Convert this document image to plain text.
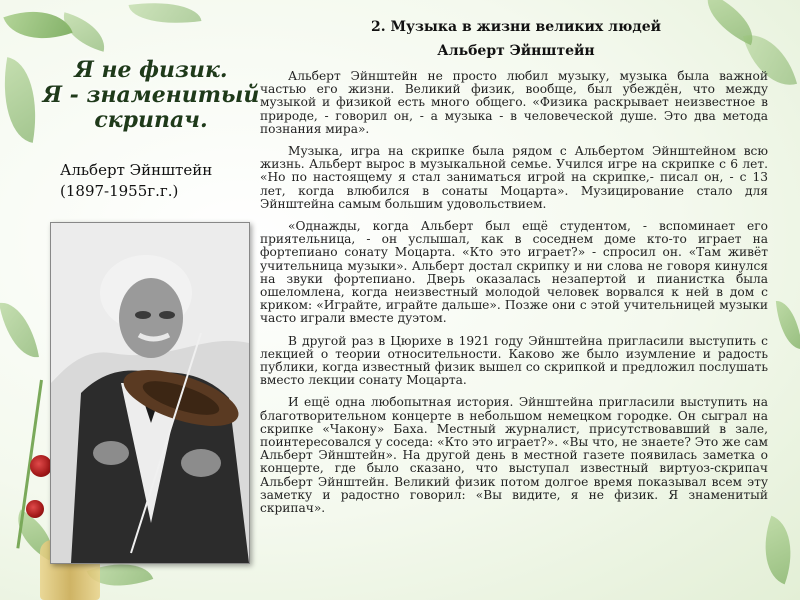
Я не физик.
Я - знаменитый
скрипач.
Альберт Эйнштейн
(1897-1955г.г.)
2. Музыка в жизни великих людей
Альберт Эйнштейн

Альберт Эйнштейн не просто любил музыку, музыка была важной частью его жизни. Великий физик, вообще, был убеждён, что между музыкой и физикой есть много общего. «Физика раскрывает неизвестное в природе, - говорил он, - а музыка - в человеческой душе. Это два метода познания мира».

Музыка, игра на скрипке была рядом с Альбертом Эйнштейном всю жизнь. Альберт вырос в музыкальной семье. Учился игре на скрипке с 6 лет. «Но по настоящему я стал заниматься игрой на скрипке,- писал он, - с 13 лет, когда влюбился в сонаты Моцарта». Музицирование стало для Эйнштейна самым большим удовольствием.

«Однажды, когда Альберт был ещё студентом, - вспоминает его приятельница, - он услышал, как в соседнем доме кто-то играет на фортепиано сонату Моцарта. «Кто это играет?» - спросил он. «Там живёт учительница музыки». Альберт достал скрипку и ни слова не говоря кинулся на звуки фортепиано. Дверь оказалась незапертой и пианистка была ошеломлена, когда неизвестный молодой человек ворвался к ней в дом с криком: «Играйте, играйте дальше». Позже они с этой учительницей музыки часто играли вместе дуэтом.

В другой раз в Цюрихе в 1921 году Эйнштейна пригласили выступить с лекцией о теории относительности. Каково же было изумление и радость публики, когда известный физик вышел со скрипкой и предложил послушать вместо лекции сонату Моцарта.

И ещё одна любопытная история. Эйнштейна пригласили выступить на благотворительном концерте в небольшом немецком городке. Он сыграл на скрипке «Чакону» Баха. Местный журналист, присутствовавший в зале, поинтересовался у соседа: «Кто это играет?». «Вы что, не знаете? Это же сам Альберт Эйнштейн». На другой день в местной газете появилась заметка о концерте, где было сказано, что выступал известный виртуоз-скрипач Альберт Эйнштейн. Великий физик потом долгое время показывал всем эту заметку и радостно говорил: «Вы видите, я не физик. Я знаменитый скрипач».
